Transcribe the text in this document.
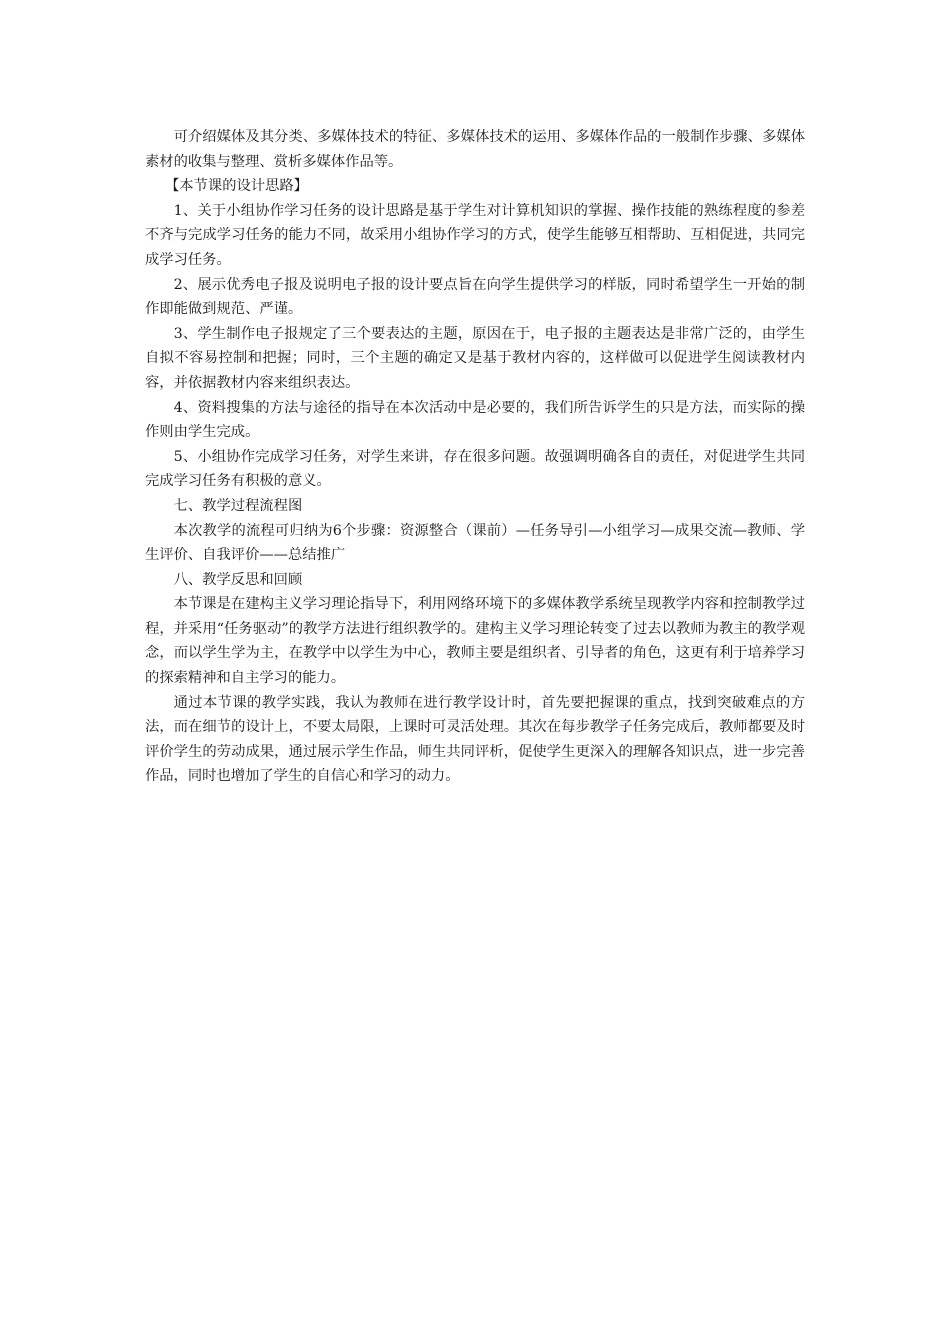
可介绍媒体及其分类、多媒体技术的特征、多媒体技术的运用、多媒体作品的一般制作步骤、多媒体素材的收集与整理、赏析多媒体作品等。

【本节课的设计思路】

1、关于小组协作学习任务的设计思路是基于学生对计算机知识的掌握、操作技能的熟练程度的参差不齐与完成学习任务的能力不同，故采用小组协作学习的方式，使学生能够互相帮助、互相促进，共同完成学习任务。

2、展示优秀电子报及说明电子报的设计要点旨在向学生提供学习的样版，同时希望学生一开始的制作即能做到规范、严谨。

3、学生制作电子报规定了三个要表达的主题，原因在于，电子报的主题表达是非常广泛的，由学生自拟不容易控制和把握；同时，三个主题的确定又是基于教材内容的，这样做可以促进学生阅读教材内容，并依据教材内容来组织表达。

4、资料搜集的方法与途径的指导在本次活动中是必要的，我们所告诉学生的只是方法，而实际的操作则由学生完成。

5、小组协作完成学习任务，对学生来讲，存在很多问题。故强调明确各自的责任，对促进学生共同完成学习任务有积极的意义。

七、教学过程流程图

本次教学的流程可归纳为6个步骤：资源整合（课前）—任务导引—小组学习—成果交流—教师、学生评价、自我评价——总结推广

八、教学反思和回顾

本节课是在建构主义学习理论指导下，利用网络环境下的多媒体教学系统呈现教学内容和控制教学过程，并采用“任务驱动”的教学方法进行组织教学的。建构主义学习理论转变了过去以教师为教主的教学观念，而以学生学为主，在教学中以学生为中心，教师主要是组织者、引导者的角色，这更有利于培养学习的探索精神和自主学习的能力。

通过本节课的教学实践，我认为教师在进行教学设计时，首先要把握课的重点，找到突破难点的方法，而在细节的设计上，不要太局限，上课时可灵活处理。其次在每步教学子任务完成后，教师都要及时评价学生的劳动成果，通过展示学生作品，师生共同评析，促使学生更深入的理解各知识点，进一步完善作品，同时也增加了学生的自信心和学习的动力。
